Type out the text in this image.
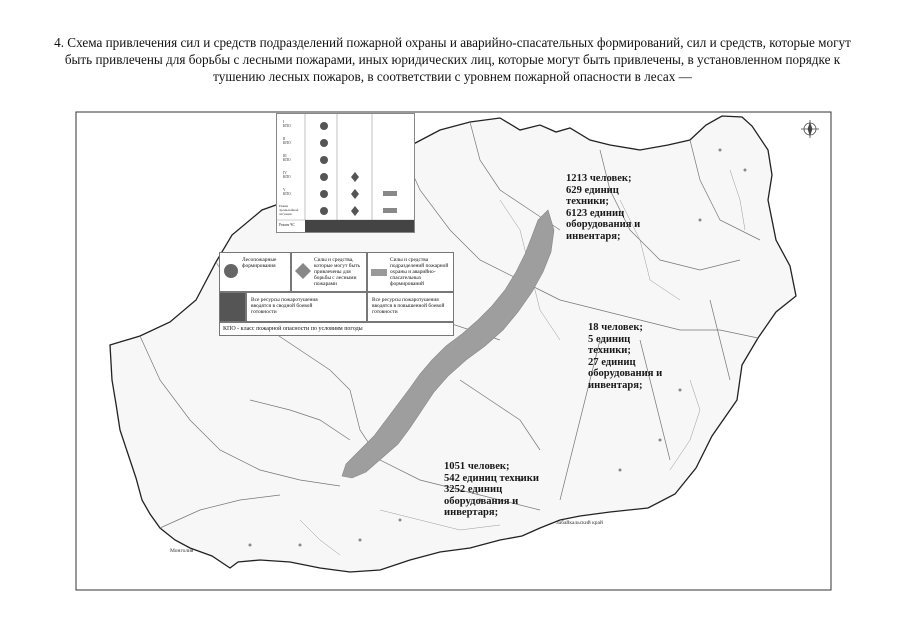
4. Схема привлечения сил и средств подразделений пожарной охраны и аварийно-спасательных формирований, сил и средств, которые могут быть привлечены для борьбы с лесными пожарами, иных юридических лиц, которые могут быть привлечены, в установленном порядке к тушению лесных пожаров, в соответствии с уровнем пожарной опасности в лесах —
I
КПО
II
КПО
III
КПО
IV
КПО
V
КПО
Режим
чрезвычайной
ситуации
Режим ЧС
Лесопожарные формирования
Силы и средства, которые могут быть привлечены для борьбы с лесными пожарами
Силы и средства подразделений пожарной охраны и аварийно-спасательных формирований
Все ресурсы пожаротушения вводятся в сводной боевой готовности
Все ресурсы пожаротушения вводятся в повышенной боевой готовности
КПО - класс пожарной опасности по условиям погоды
1213 человек;
629 единиц
техники;
6123 единиц
оборудования и
инвентаря;
18 человек;
5 единиц
техники;
27 единиц
оборудования и
инвентаря;
1051 человек;
542 единиц техники
3252 единиц
оборудования и
инвертаря;
Забайкальский край
Монголия
